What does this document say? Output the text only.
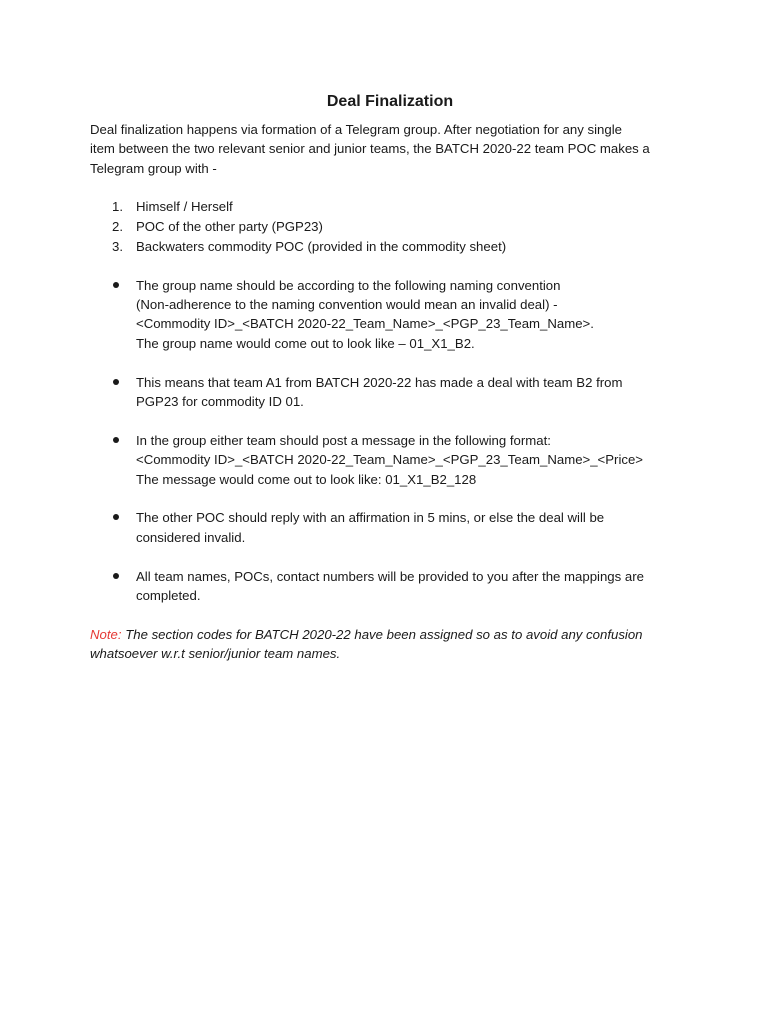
Deal Finalization

Deal finalization happens via formation of a Telegram group. After negotiation for any single
item between the two relevant senior and junior teams, the BATCH 2020-22 team POC makes a
Telegram group with -

1. Himself / Herself
2. POC of the other party (PGP23)
3. Backwaters commodity POC (provided in the commodity sheet)
The group name should be according to the following naming convention
(Non-adherence to the naming convention would mean an invalid deal) -
<Commodity ID>_<BATCH 2020-22_Team_Name>_<PGP_23_Team_Name>.
The group name would come out to look like – 01_X1_B2.
This means that team A1 from BATCH 2020-22 has made a deal with team B2 from
PGP23 for commodity ID 01.
In the group either team should post a message in the following format:
<Commodity ID>_<BATCH 2020-22_Team_Name>_<PGP_23_Team_Name>_<Price>
The message would come out to look like: 01_X1_B2_128
The other POC should reply with an affirmation in 5 mins, or else the deal will be
considered invalid.
All team names, POCs, contact numbers will be provided to you after the mappings are
completed.

Note: The section codes for BATCH 2020-22 have been assigned so as to avoid any confusion
whatsoever w.r.t senior/junior team names.
